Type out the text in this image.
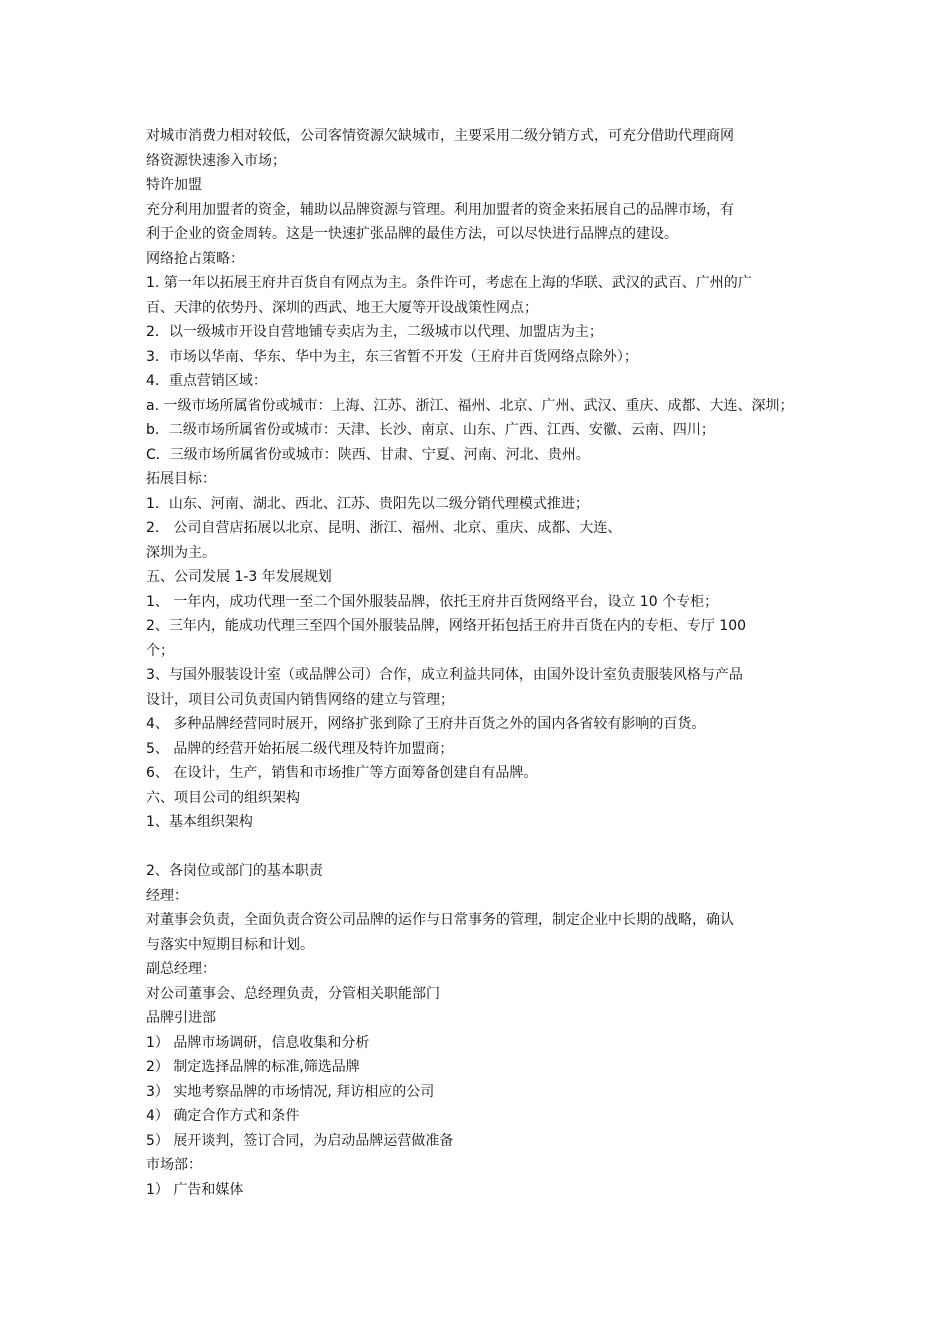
对城市消费力相对较低，公司客情资源欠缺城市，主要采用二级分销方式，可充分借助代理商网
络资源快速渗入市场；
特许加盟
充分利用加盟者的资金，辅助以品牌资源与管理。利用加盟者的资金来拓展自己的品牌市场，有
利于企业的资金周转。这是一快速扩张品牌的最佳方法，可以尽快进行品牌点的建设。
网络抢占策略：
1. 第一年以拓展王府井百货自有网点为主。条件许可，考虑在上海的华联、武汉的武百、广州的广
百、天津的依势丹、深圳的西武、地王大厦等开设战策性网点；
2．以一级城市开设自营地铺专卖店为主，二级城市以代理、加盟店为主；
3．市场以华南、华东、华中为主，东三省暂不开发（王府井百货网络点除外）；
4．重点营销区域：
a. 一级市场所属省份或城市：上海、江苏、浙江、福州、北京、广州、武汉、重庆、成都、大连、深圳；
b．二级市场所属省份或城市：天津、长沙、南京、山东、广西、江西、安徽、云南、四川；
C．三级市场所属省份或城市：陕西、甘肃、宁夏、河南、河北、贵州。
拓展目标：
1．山东、河南、湖北、西北、江苏、贵阳先以二级分销代理模式推进；
2． 公司自营店拓展以北京、昆明、浙江、福州、北京、重庆、成都、大连、
深圳为主。
五、公司发展 1-3 年发展规划
1、 一年内，成功代理一至二个国外服装品牌，依托王府井百货网络平台，设立 10 个专柜；
2、三年内，能成功代理三至四个国外服装品牌，网络开拓包括王府井百货在内的专柜、专厅 100
个；
3、与国外服装设计室（或品牌公司）合作，成立利益共同体，由国外设计室负责服装风格与产品
设计，项目公司负责国内销售网络的建立与管理；
4、 多种品牌经营同时展开，网络扩张到除了王府井百货之外的国内各省较有影响的百货。
5、 品牌的经营开始拓展二级代理及特许加盟商；
6、 在设计，生产，销售和市场推广等方面筹备创建自有品牌。
六、项目公司的组织架构
1、基本组织架构
2、各岗位或部门的基本职责
经理：
对董事会负责，全面负责合资公司品牌的运作与日常事务的管理，制定企业中长期的战略，确认
与落实中短期目标和计划。
副总经理：
对公司董事会、总经理负责，分管相关职能部门
品牌引进部
1） 品牌市场调研，信息收集和分析
2） 制定选择品牌的标准,筛选品牌
3） 实地考察品牌的市场情况, 拜访相应的公司
4） 确定合作方式和条件
5） 展开谈判，签订合同，为启动品牌运营做准备
市场部：
1） 广告和媒体
